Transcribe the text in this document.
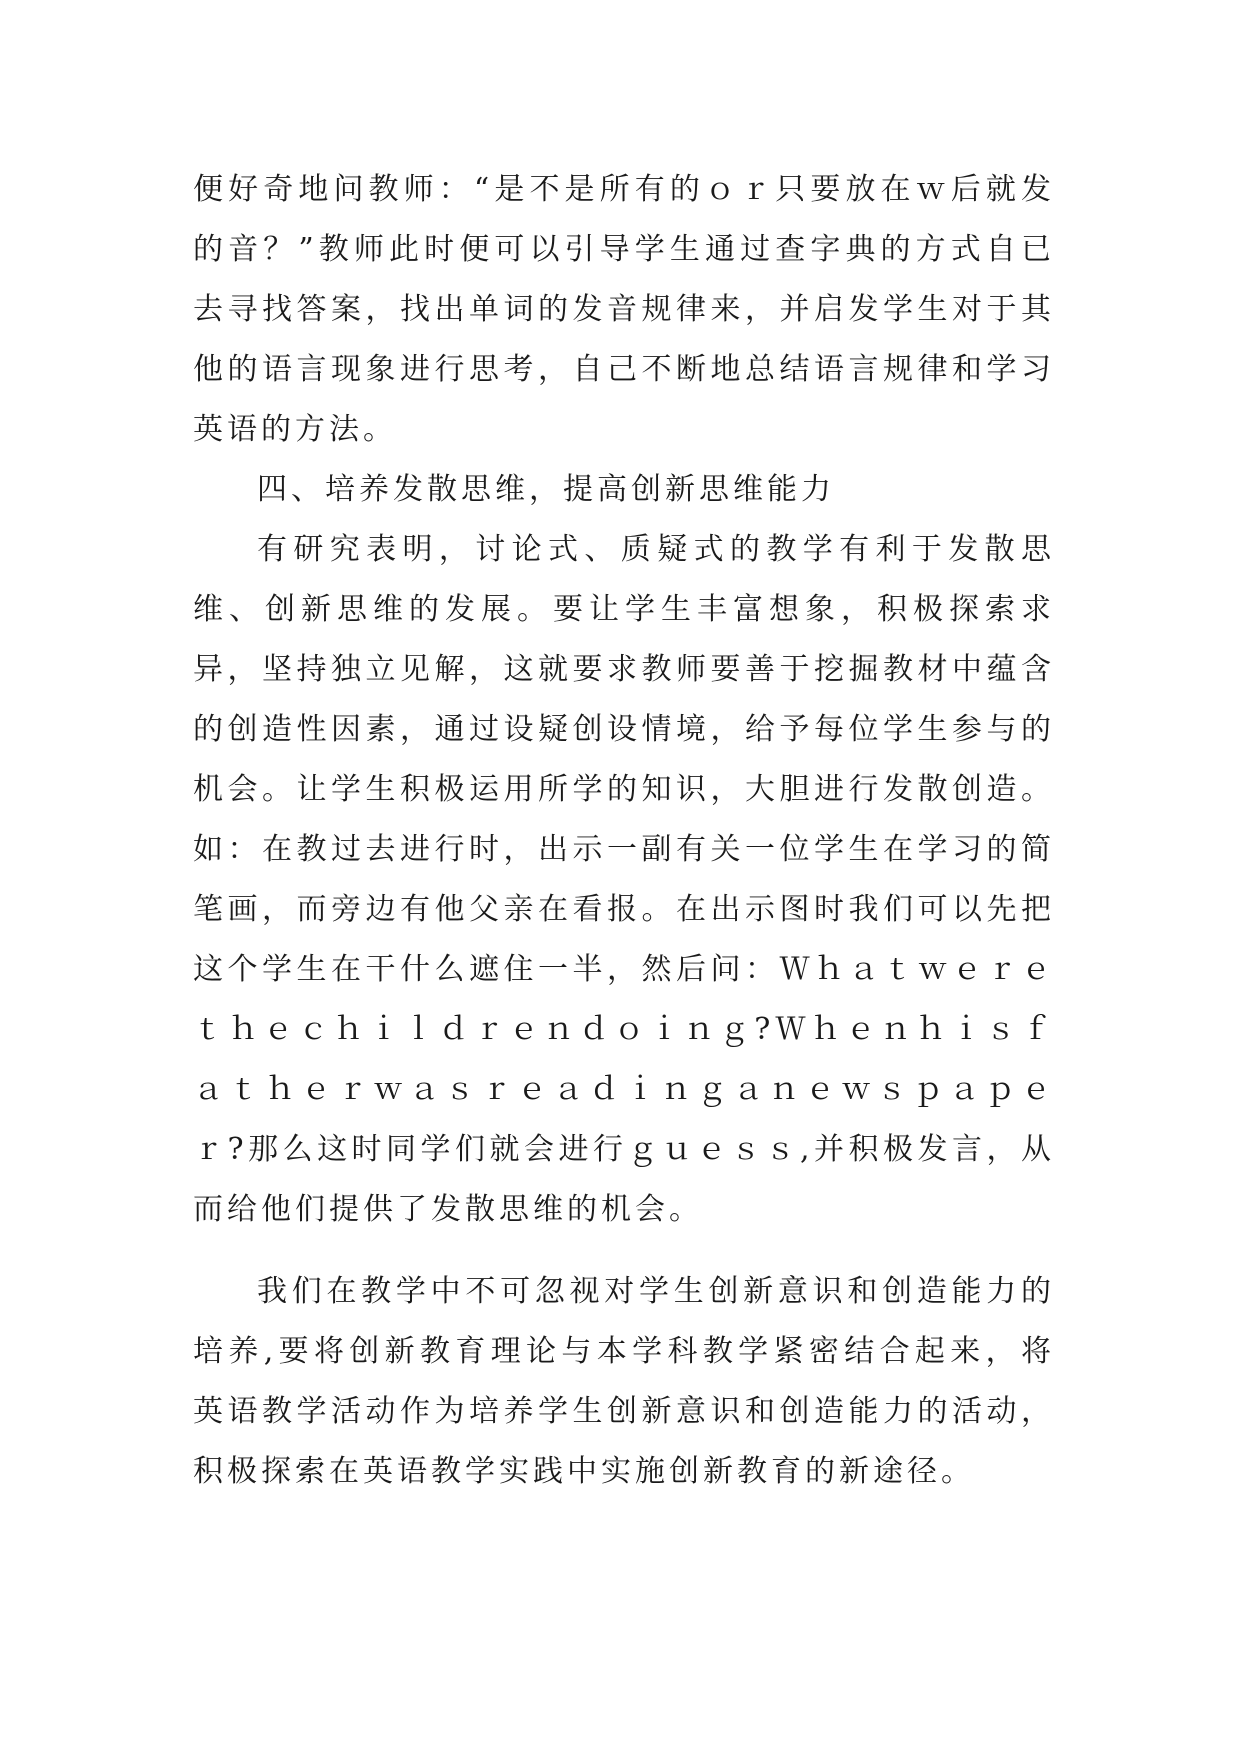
便好奇地问教师：“是不是所有的ｏｒ只要放在ｗ后就发的音？”教师此时便可以引导学生通过查字典的方式自已去寻找答案，找出单词的发音规律来，并启发学生对于其他的语言现象进行思考，自己不断地总结语言规律和学习英语的方法。

四、培养发散思维，提高创新思维能力

有研究表明，讨论式、质疑式的教学有利于发散思维、创新思维的发展。要让学生丰富想象，积极探索求异，坚持独立见解，这就要求教师要善于挖掘教材中蕴含的创造性因素，通过设疑创设情境，给予每位学生参与的机会。让学生积极运用所学的知识，大胆进行发散创造。如：在教过去进行时，出示一副有关一位学生在学习的简笔画，而旁边有他父亲在看报。在出示图时我们可以先把这个学生在干什么遮住一半，然后问：Ｗｈａｔｗｅｒｅｔｈｅｃｈｉｌｄｒｅｎｄｏｉｎｇ?Ｗｈｅｎｈｉｓｆａｔｈｅｒｗａｓｒｅａｄｉｎｇａｎｅｗｓｐａｐｅｒ?那么这时同学们就会进行ｇｕｅｓｓ,并积极发言，从而给他们提供了发散思维的机会。

我们在教学中不可忽视对学生创新意识和创造能力的培养,要将创新教育理论与本学科教学紧密结合起来，将英语教学活动作为培养学生创新意识和创造能力的活动，积极探索在英语教学实践中实施创新教育的新途径。
